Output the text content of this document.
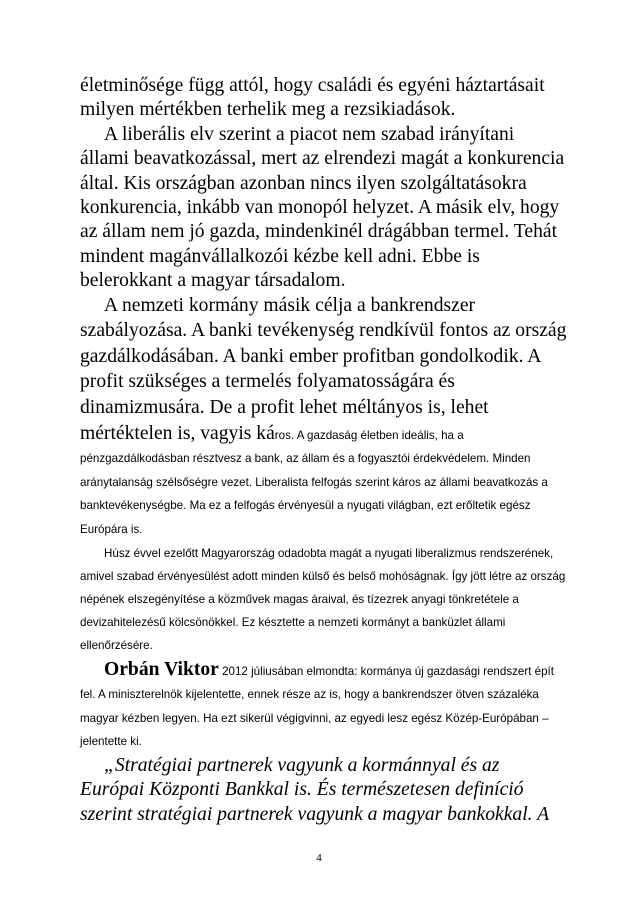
életminősége függ attól, hogy családi és egyéni háztartásait milyen mértékben terhelik meg a rezsikiadások.

A liberális elv szerint a piacot nem szabad irányítani állami beavatkozással, mert az elrendezi magát a konkurencia által. Kis országban azonban nincs ilyen szolgáltatásokra konkurencia, inkább van monopól helyzet. A másik elv, hogy az állam nem jó gazda, mindenkinél drágábban termel. Tehát mindent magánvállalkozói kézbe kell adni. Ebbe is belerokkant a magyar társadalom.

A nemzeti kormány másik célja a bankrendszer szabályozása. A banki tevékenység rendkívül fontos az ország gazdálkodásában. A banki ember profitban gondolkodik. A profit szükséges a termelés folyamatosságára és dinamizmusára. De a profit lehet méltányos is, lehet mértéktelen is, vagyis káros. A gazdaság életben ideális, ha a pénzgazdálkodásban résztvesz a bank, az állam és a fogyasztói érdekvédelem. Minden aránytalanság szélsőségre vezet. Liberalista felfogás szerint káros az állami beavatkozás a banktevékenységbe. Ma ez a felfogás érvényesül a nyugati világban, ezt erőltetik egész Európára is.

Húsz évvel ezelőtt Magyarország odadobta magát a nyugati liberalizmus rendszerének, amivel szabad érvényesülést adott minden külső és belső mohóságnak. Így jött létre az ország népének elszegényítése a közművek magas áraival, és tízezrek anyagi tönkretétele a devizahitelezésű kölcsönökkel. Ez késztette a nemzeti kormányt a banküzlet állami ellenőrzésére.

Orbán Viktor 2012 júliusában elmondta: kormánya új gazdasági rendszert épít fel. A miniszterelnök kijelentette, ennek része az is, hogy a bankrendszer ötven százaléka magyar kézben legyen. Ha ezt sikerül végigvinni, az egyedi lesz egész Közép-Európában – jelentette ki.

„Stratégiai partnerek vagyunk a kormánnyal és az Európai Központi Bankkal is. És természetesen definíció szerint stratégiai partnerek vagyunk a magyar bankokkal. A

4
